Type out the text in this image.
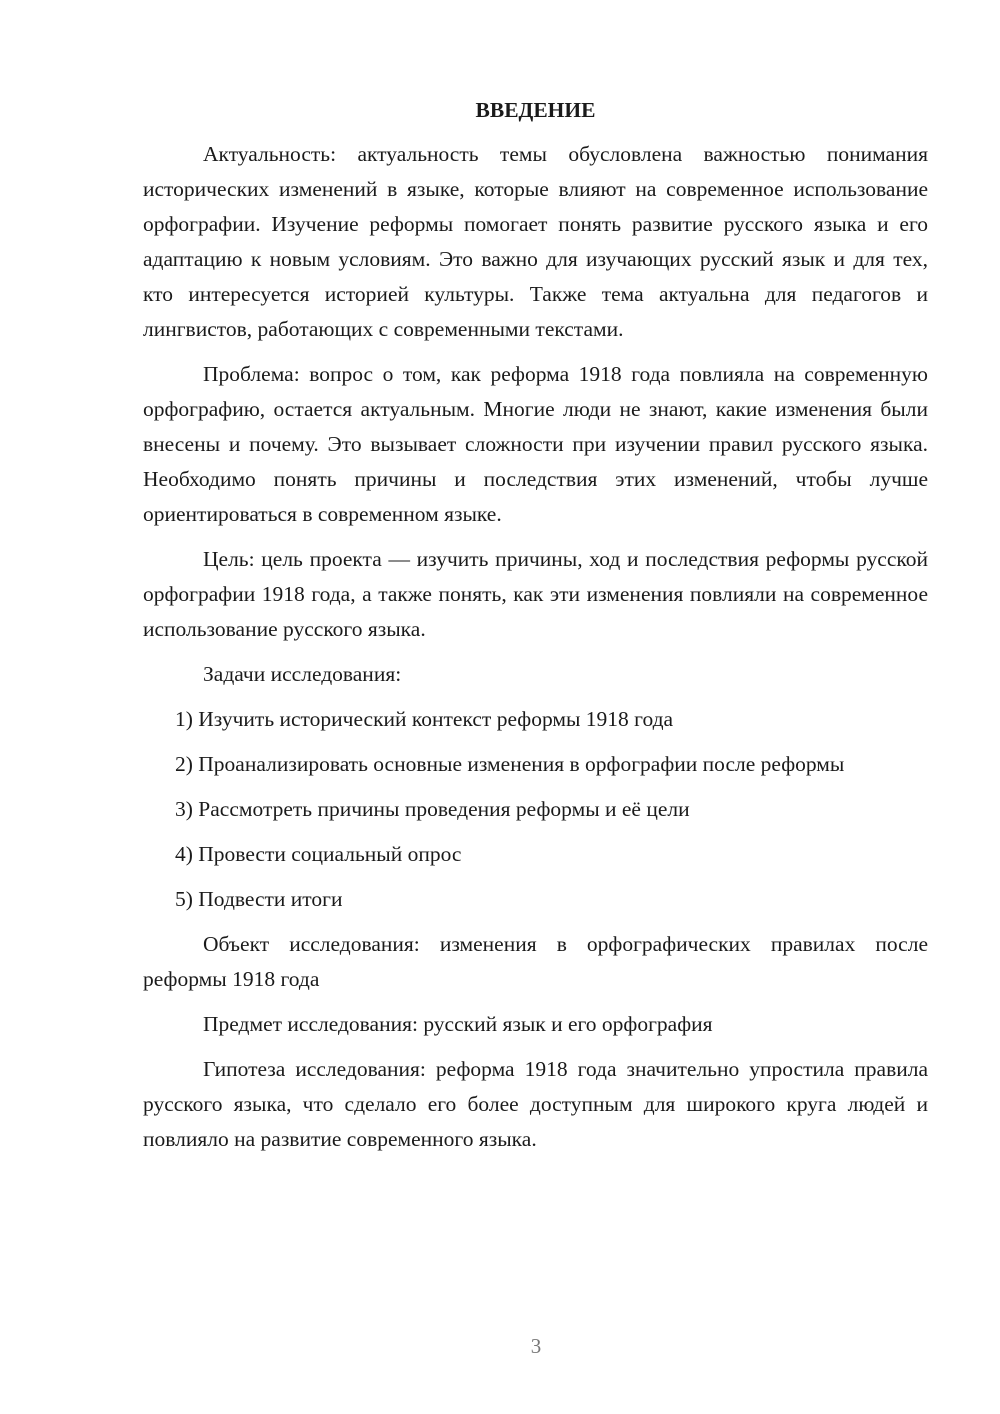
ВВЕДЕНИЕ

Актуальность: актуальность темы обусловлена важностью понимания исторических изменений в языке, которые влияют на современное использование орфографии. Изучение реформы помогает понять развитие русского языка и его адаптацию к новым условиям. Это важно для изучающих русский язык и для тех, кто интересуется историей культуры. Также тема актуальна для педагогов и лингвистов, работающих с современными текстами.

Проблема: вопрос о том, как реформа 1918 года повлияла на современную орфографию, остается актуальным. Многие люди не знают, какие изменения были внесены и почему. Это вызывает сложности при изучении правил русского языка. Необходимо понять причины и последствия этих изменений, чтобы лучше ориентироваться в современном языке.

Цель: цель проекта — изучить причины, ход и последствия реформы русской орфографии 1918 года, а также понять, как эти изменения повлияли на современное использование русского языка.

Задачи исследования:

1) Изучить исторический контекст реформы 1918 года

2) Проанализировать основные изменения в орфографии после реформы

3) Рассмотреть причины проведения реформы и её цели

4) Провести социальный опрос

5) Подвести итоги

Объект исследования: изменения в орфографических правилах после реформы 1918 года

Предмет исследования: русский язык и его орфография

Гипотеза исследования: реформа 1918 года значительно упростила правила русского языка, что сделало его более доступным для широкого круга людей и повлияло на развитие современного языка.

3
